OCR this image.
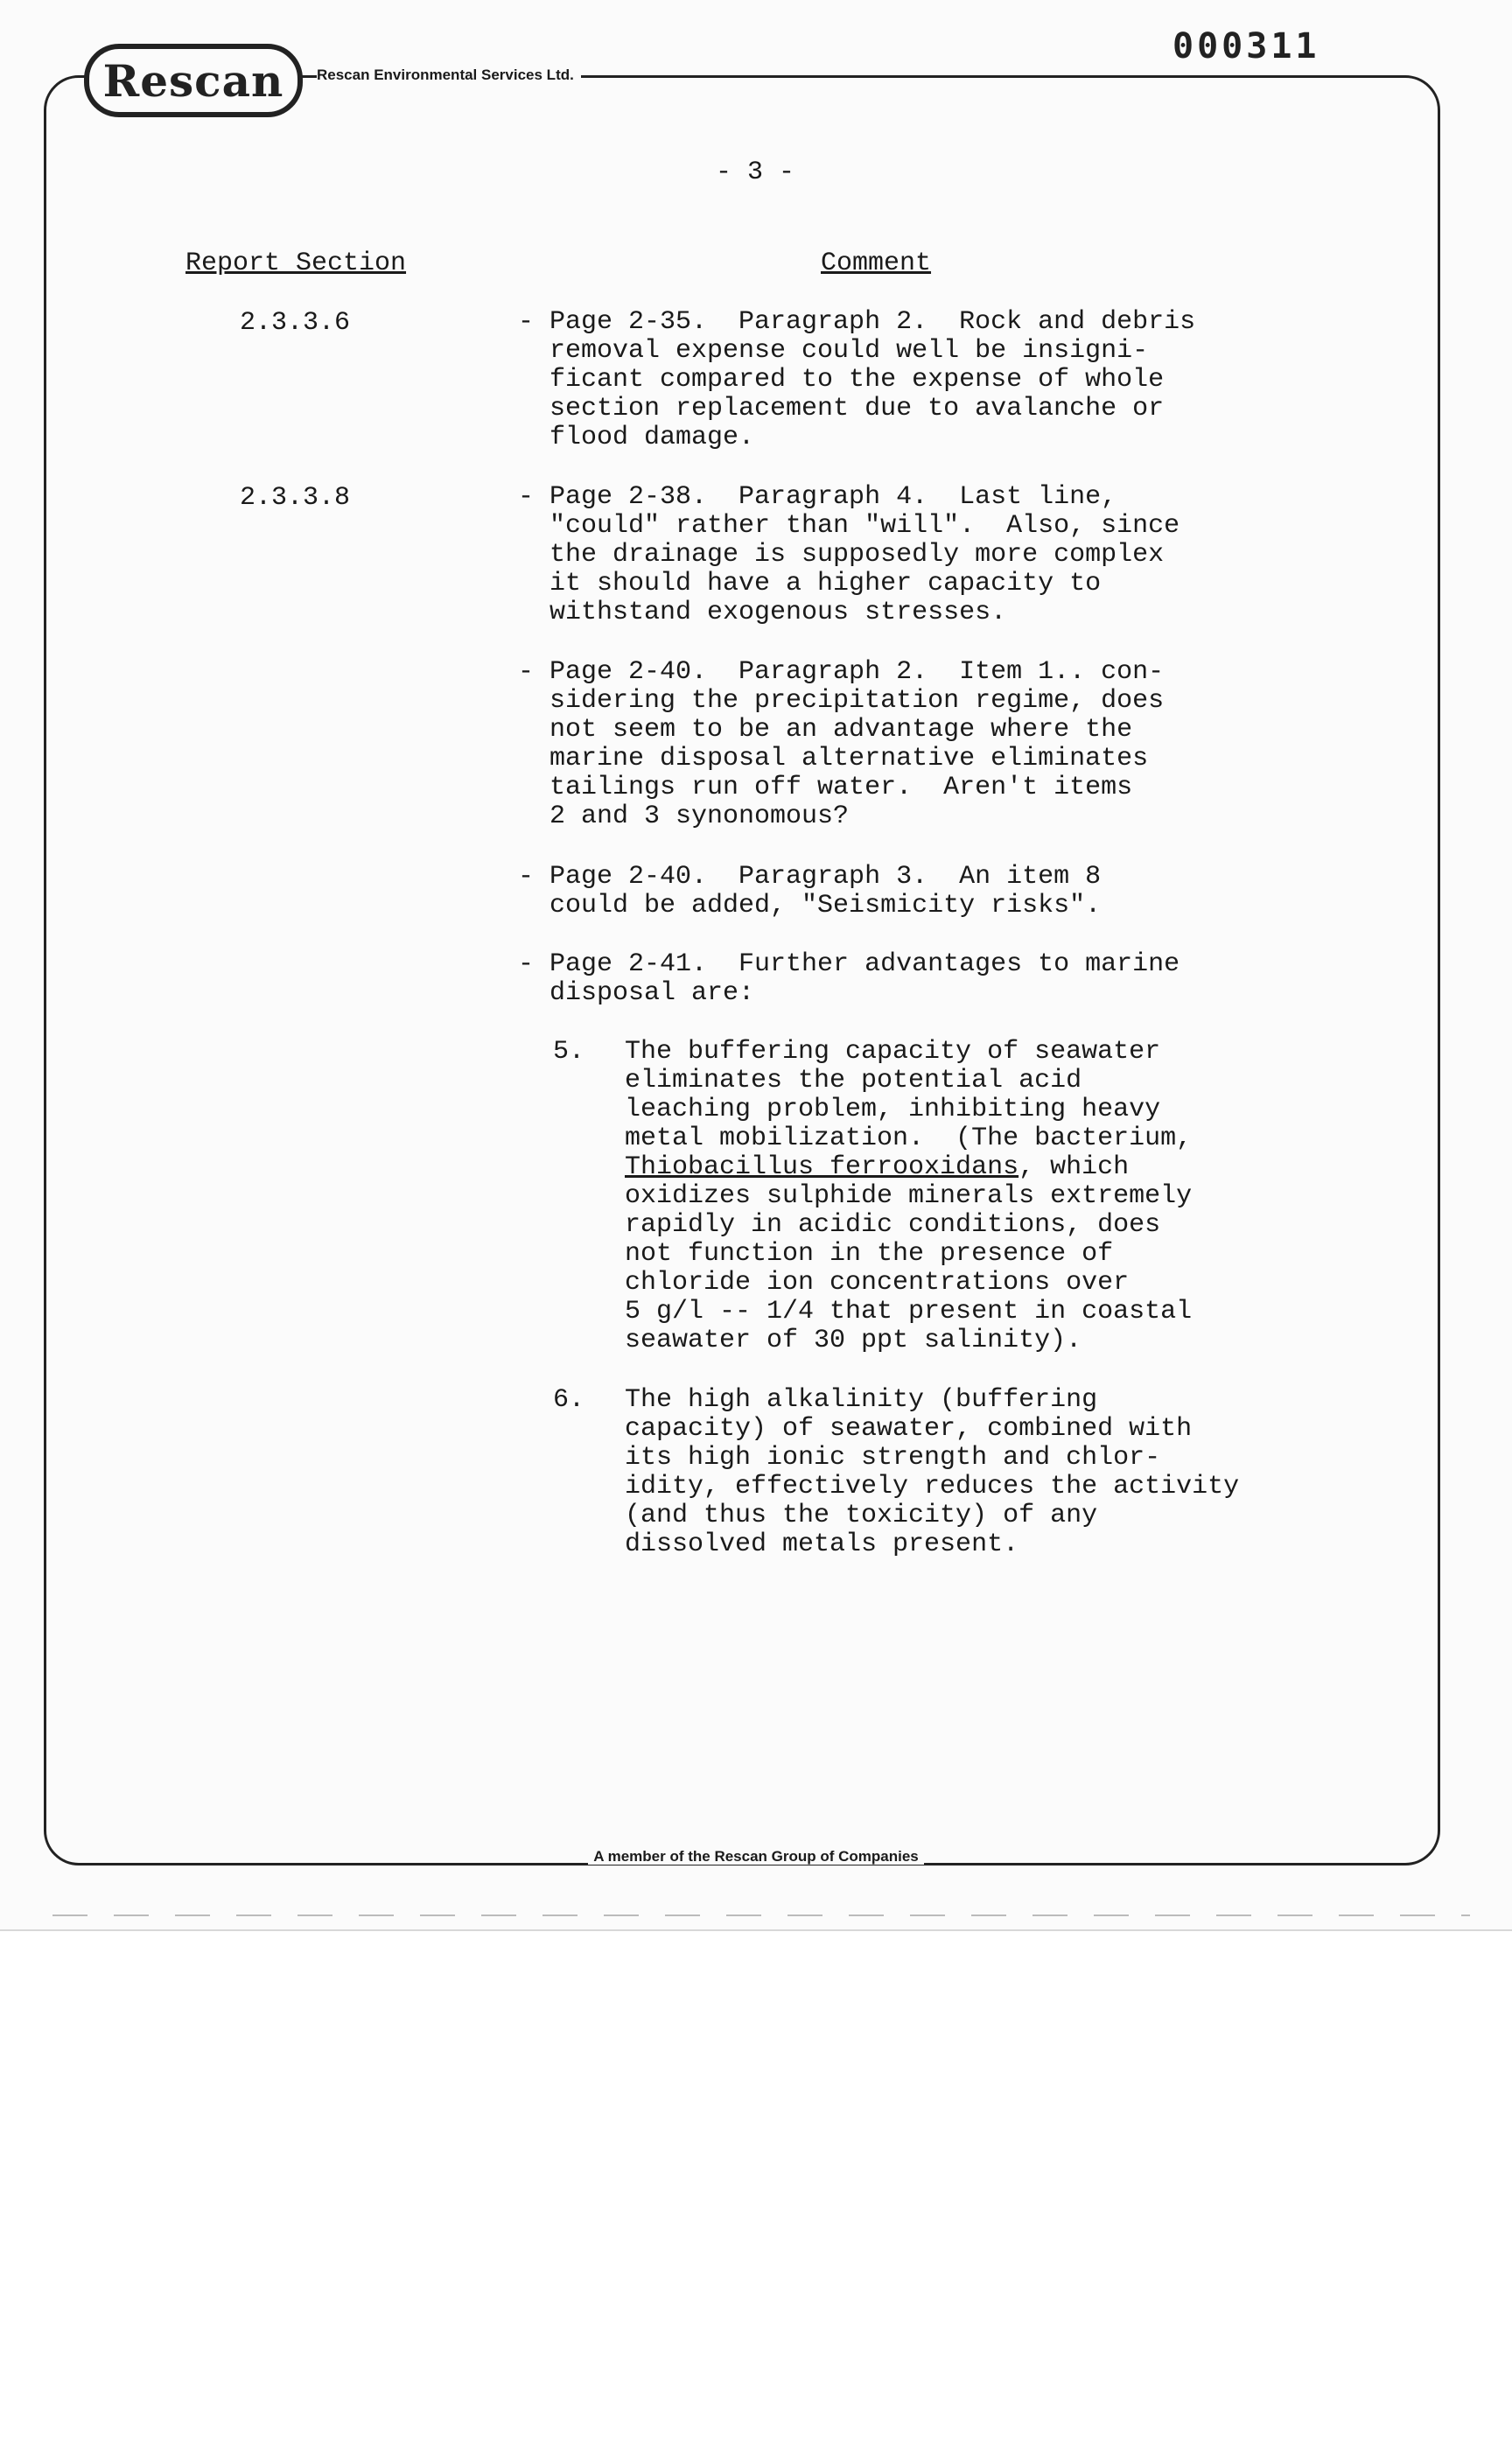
Rescan	Rescan Environmental Services Ltd.
000311
- 3 -
Report Section	Comment
2.3.3.6	- Page 2-35.  Paragraph 2.  Rock and debris
removal expense could well be insigni-
ficant compared to the expense of whole
section replacement due to avalanche or
flood damage.
2.3.3.8	- Page 2-38.  Paragraph 4.  Last line,
"could" rather than "will".  Also, since
the drainage is supposedly more complex
it should have a higher capacity to
withstand exogenous stresses.
- Page 2-40.  Paragraph 2.  Item 1.. con-
sidering the precipitation regime, does
not seem to be an advantage where the
marine disposal alternative eliminates
tailings run off water.  Aren't items
2 and 3 synonomous?
- Page 2-40.  Paragraph 3.  An item 8
could be added, "Seismicity risks".
- Page 2-41.  Further advantages to marine
disposal are:
5. The buffering capacity of seawater
eliminates the potential acid
leaching problem, inhibiting heavy
metal mobilization.  (The bacterium,
Thiobacillus ferrooxidans, which
oxidizes sulphide minerals extremely
rapidly in acidic conditions, does
not function in the presence of
chloride ion concentrations over
5 g/l -- 1/4 that present in coastal
seawater of 30 ppt salinity).
6. The high alkalinity (buffering
capacity) of seawater, combined with
its high ionic strength and chlor-
idity, effectively reduces the activity
(and thus the toxicity) of any
dissolved metals present.
A member of the Rescan Group of Companies
